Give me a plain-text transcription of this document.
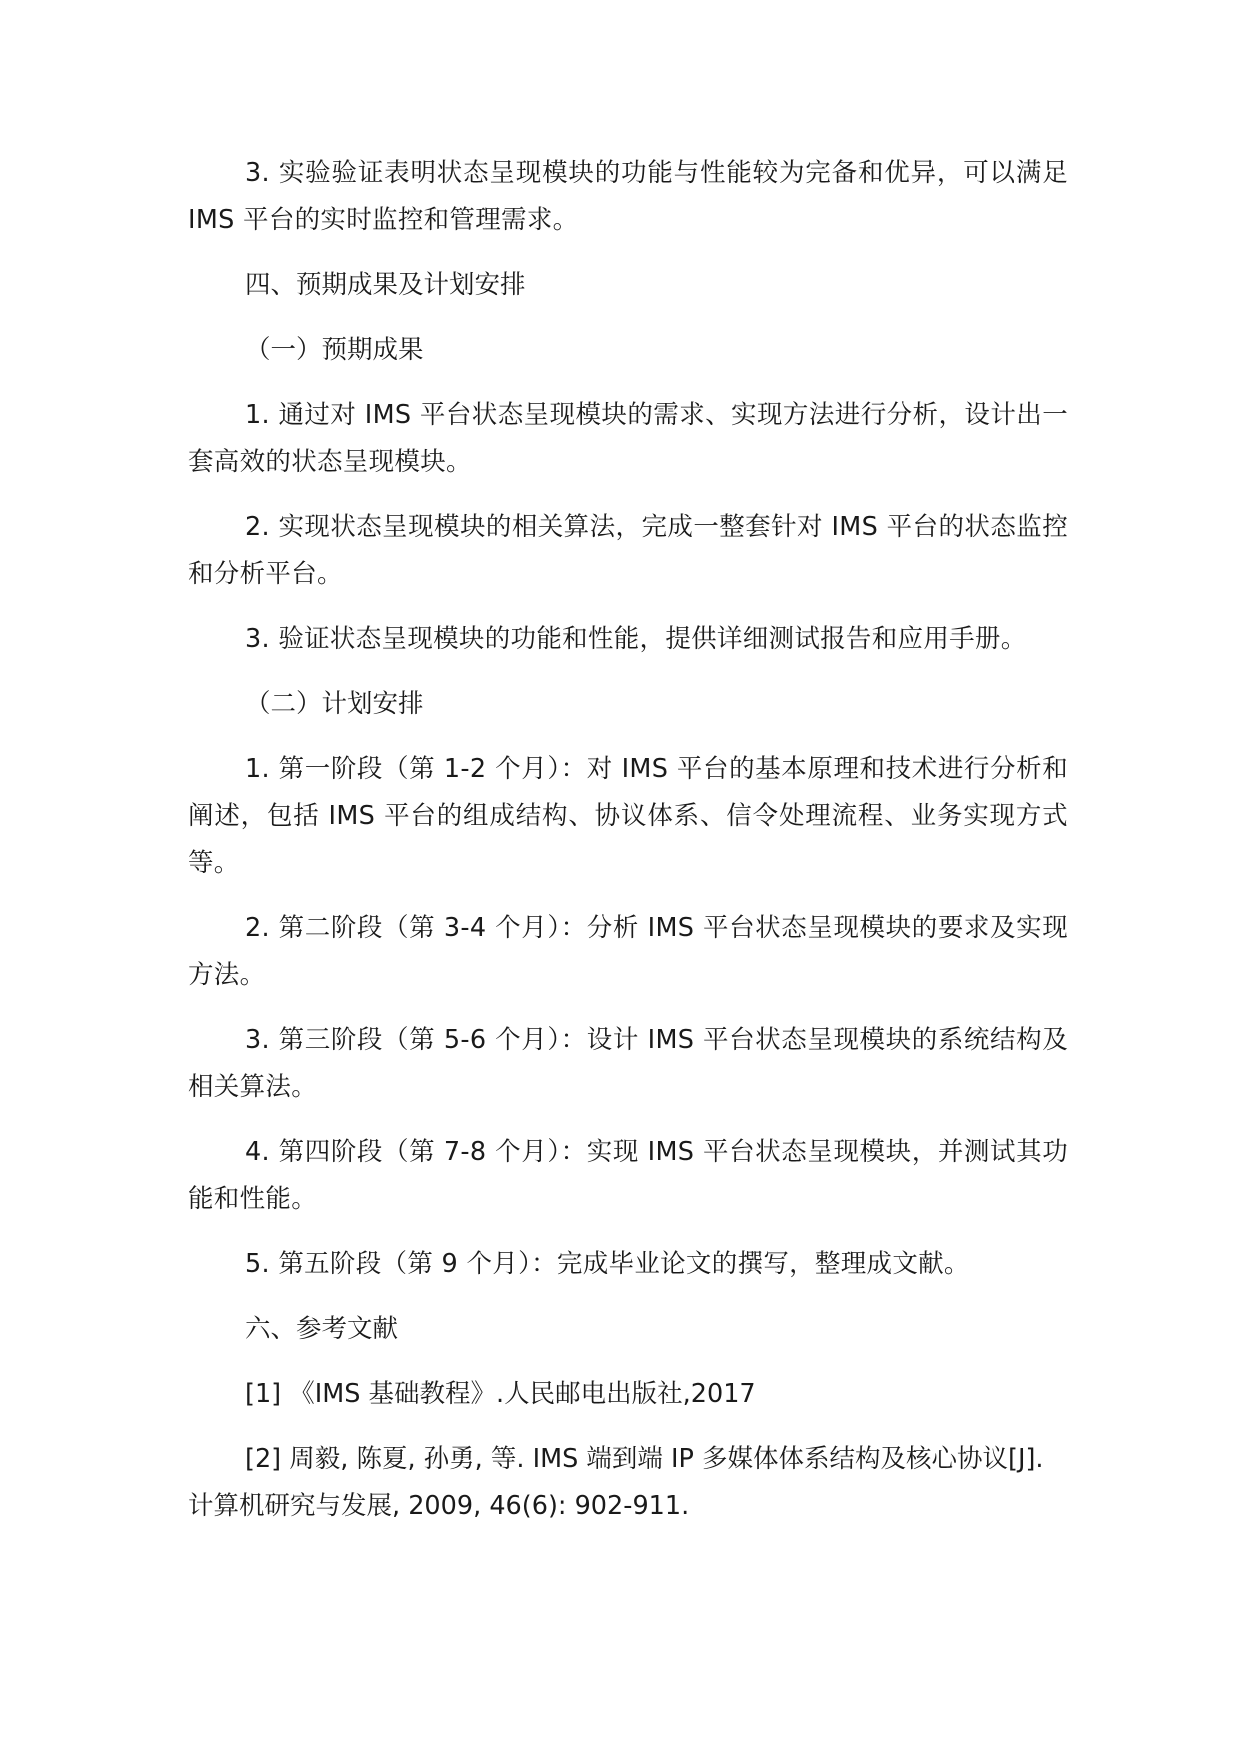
3. 实验验证表明状态呈现模块的功能与性能较为完备和优异，可以满足 IMS 平台的实时监控和管理需求。

四、预期成果及计划安排

（一）预期成果

1. 通过对 IMS 平台状态呈现模块的需求、实现方法进行分析，设计出一套高效的状态呈现模块。

2. 实现状态呈现模块的相关算法，完成一整套针对 IMS 平台的状态监控和分析平台。

3. 验证状态呈现模块的功能和性能，提供详细测试报告和应用手册。

（二）计划安排

1. 第一阶段（第 1-2 个月）：对 IMS 平台的基本原理和技术进行分析和阐述，包括 IMS 平台的组成结构、协议体系、信令处理流程、业务实现方式等。

2. 第二阶段（第 3-4 个月）：分析 IMS 平台状态呈现模块的要求及实现方法。

3. 第三阶段（第 5-6 个月）：设计 IMS 平台状态呈现模块的系统结构及相关算法。

4. 第四阶段（第 7-8 个月）：实现 IMS 平台状态呈现模块，并测试其功能和性能。

5. 第五阶段（第 9 个月）：完成毕业论文的撰写，整理成文献。

六、参考文献

[1] 《IMS 基础教程》.人民邮电出版社,2017

[2] 周毅, 陈夏, 孙勇, 等. IMS 端到端 IP 多媒体体系结构及核心协议[J]. 计算机研究与发展, 2009, 46(6): 902-911.
